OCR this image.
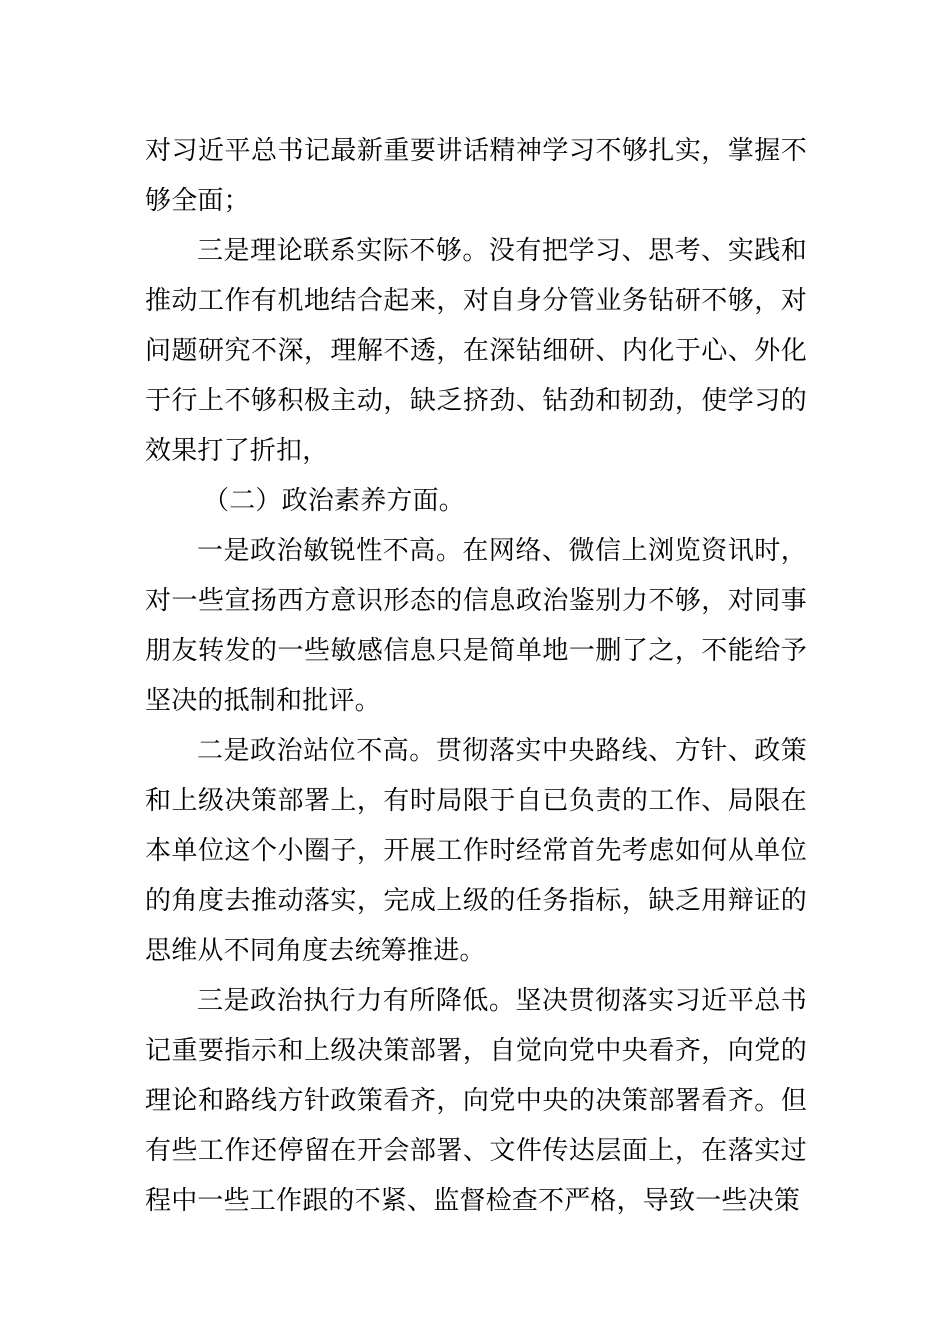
对习近平总书记最新重要讲话精神学习不够扎实，掌握不够全面；

三是理论联系实际不够。没有把学习、思考、实践和推动工作有机地结合起来，对自身分管业务钻研不够，对问题研究不深，理解不透，在深钻细研、内化于心、外化于行上不够积极主动，缺乏挤劲、钻劲和韧劲，使学习的效果打了折扣，

（二）政治素养方面。

一是政治敏锐性不高。在网络、微信上浏览资讯时，对一些宣扬西方意识形态的信息政治鉴别力不够，对同事朋友转发的一些敏感信息只是简单地一删了之，不能给予坚决的抵制和批评。

二是政治站位不高。贯彻落实中央路线、方针、政策和上级决策部署上，有时局限于自已负责的工作、局限在本单位这个小圈子，开展工作时经常首先考虑如何从单位的角度去推动落实，完成上级的任务指标，缺乏用辩证的思维从不同角度去统筹推进。

三是政治执行力有所降低。坚决贯彻落实习近平总书记重要指示和上级决策部署，自觉向党中央看齐，向党的理论和路线方针政策看齐，向党中央的决策部署看齐。但有些工作还停留在开会部署、文件传达层面上，在落实过程中一些工作跟的不紧、监督检查不严格，导致一些决策
